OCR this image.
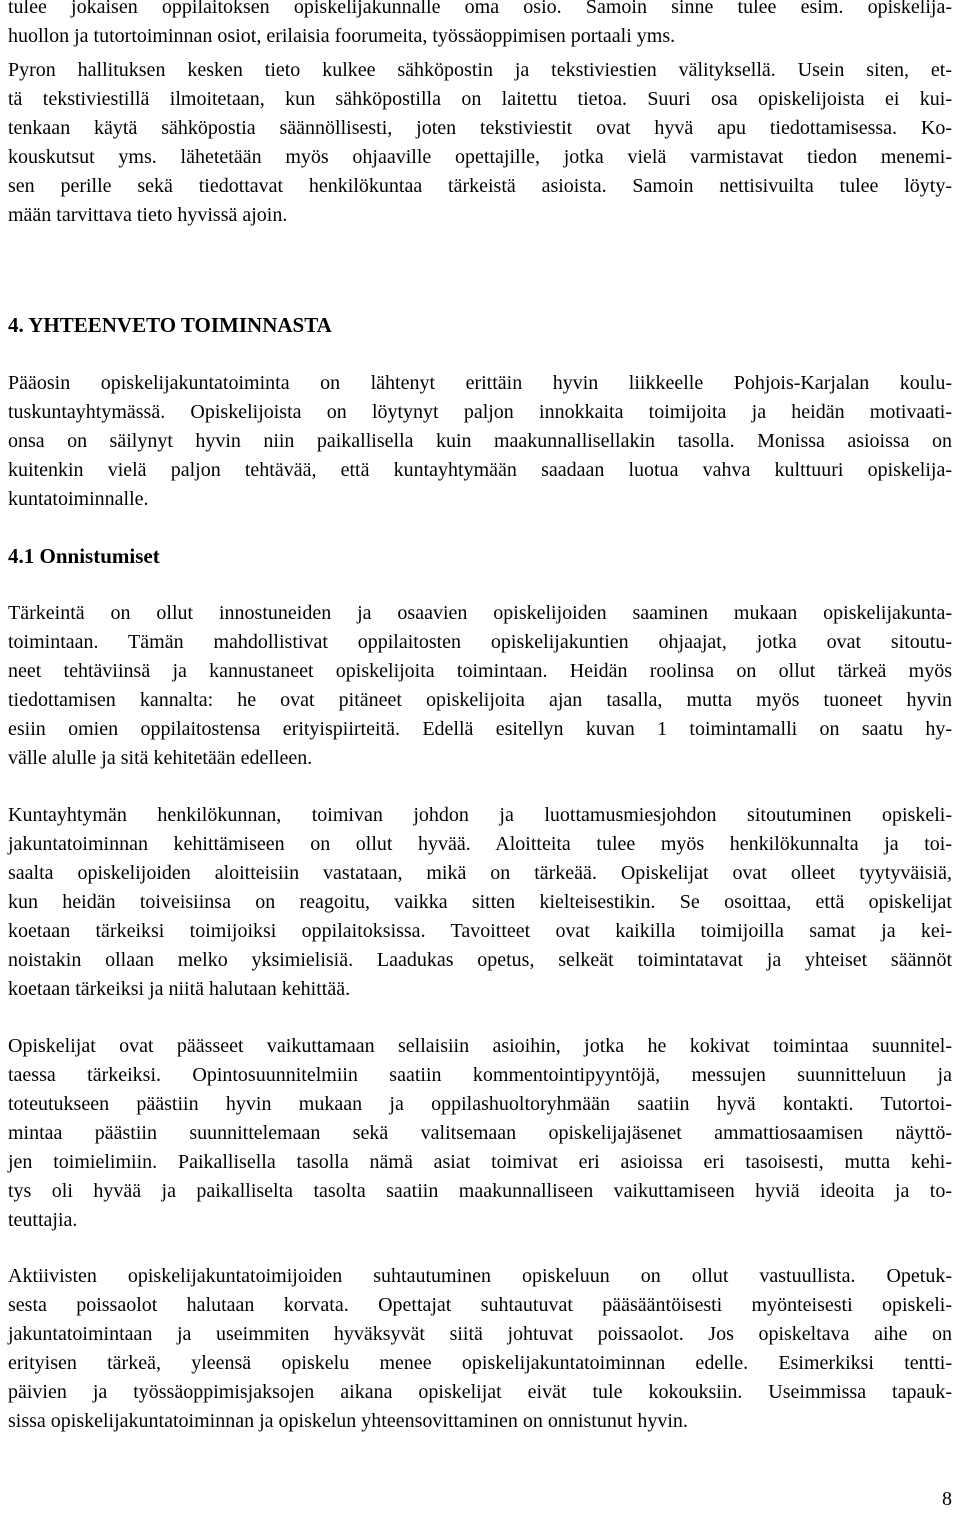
tulee jokaisen oppilaitoksen opiskelijakunnalle oma osio. Samoin sinne tulee esim. opiskelija-

huollon ja tutortoiminnan osiot, erilaisia foorumeita, työssäoppimisen portaali yms.

Pyron hallituksen kesken tieto kulkee sähköpostin ja tekstiviestien välityksellä. Usein siten, et-

tä tekstiviestillä ilmoitetaan, kun sähköpostilla on laitettu tietoa. Suuri osa opiskelijoista ei kui-

tenkaan käytä sähköpostia säännöllisesti, joten tekstiviestit ovat hyvä apu tiedottamisessa. Ko-

kouskutsut yms. lähetetään myös ohjaaville opettajille, jotka vielä varmistavat tiedon menemi-

sen perille sekä tiedottavat henkilökuntaa tärkeistä asioista. Samoin nettisivuilta tulee löyty-

mään tarvittava tieto hyvissä ajoin.

4. YHTEENVETO TOIMINNASTA

Pääosin opiskelijakuntatoiminta on lähtenyt erittäin hyvin liikkeelle Pohjois-Karjalan koulu-

tuskuntayhtymässä. Opiskelijoista on löytynyt paljon innokkaita toimijoita ja heidän motivaati-

onsa on säilynyt hyvin niin paikallisella kuin maakunnallisellakin tasolla. Monissa asioissa on

kuitenkin vielä paljon tehtävää, että kuntayhtymään saadaan luotua vahva kulttuuri opiskelija-

kuntatoiminnalle.

4.1 Onnistumiset

Tärkeintä on ollut innostuneiden ja osaavien opiskelijoiden saaminen mukaan opiskelijakunta-

toimintaan. Tämän mahdollistivat oppilaitosten opiskelijakuntien ohjaajat, jotka ovat sitoutu-

neet tehtäviinsä ja kannustaneet opiskelijoita toimintaan. Heidän roolinsa on ollut tärkeä myös

tiedottamisen kannalta: he ovat pitäneet opiskelijoita ajan tasalla, mutta myös tuoneet hyvin

esiin omien oppilaitostensa erityispiirteitä. Edellä esitellyn kuvan 1 toimintamalli on saatu hy-

välle alulle ja sitä kehitetään edelleen.

Kuntayhtymän henkilökunnan, toimivan johdon ja luottamusmiesjohdon sitoutuminen opiskeli-

jakuntatoiminnan kehittämiseen on ollut hyvää. Aloitteita tulee myös henkilökunnalta ja toi-

saalta opiskelijoiden aloitteisiin vastataan, mikä on tärkeää. Opiskelijat ovat olleet tyytyväisiä,

kun heidän toiveisiinsa on reagoitu, vaikka sitten kielteisestikin. Se osoittaa, että opiskelijat

koetaan tärkeiksi toimijoiksi oppilaitoksissa. Tavoitteet ovat kaikilla toimijoilla samat ja kei-

noistakin ollaan melko yksimielisiä. Laadukas opetus, selkeät toimintatavat ja yhteiset säännöt

koetaan tärkeiksi ja niitä halutaan kehittää.

Opiskelijat ovat päässeet vaikuttamaan sellaisiin asioihin, jotka he kokivat toimintaa suunnitel-

taessa tärkeiksi. Opintosuunnitelmiin saatiin kommentointipyyntöjä, messujen suunnitteluun ja

toteutukseen päästiin hyvin mukaan ja oppilashuoltoryhmään saatiin hyvä kontakti. Tutortoi-

mintaa päästiin suunnittelemaan sekä valitsemaan opiskelijajäsenet ammattiosaamisen näyttö-

jen toimielimiin. Paikallisella tasolla nämä asiat toimivat eri asioissa eri tasoisesti, mutta kehi-

tys oli hyvää ja paikalliselta tasolta saatiin maakunnalliseen vaikuttamiseen hyviä ideoita ja to-

teuttajia.

Aktiivisten opiskelijakuntatoimijoiden suhtautuminen opiskeluun on ollut vastuullista. Opetuk-

sesta poissaolot halutaan korvata. Opettajat suhtautuvat pääsääntöisesti myönteisesti opiskeli-

jakuntatoimintaan ja useimmiten hyväksyvät siitä johtuvat poissaolot. Jos opiskeltava aihe on

erityisen tärkeä, yleensä opiskelu menee opiskelijakuntatoiminnan edelle. Esimerkiksi tentti-

päivien ja työssäoppimisjaksojen aikana opiskelijat eivät tule kokouksiin. Useimmissa tapauk-

sissa opiskelijakuntatoiminnan ja opiskelun yhteensovittaminen on onnistunut hyvin.

8
